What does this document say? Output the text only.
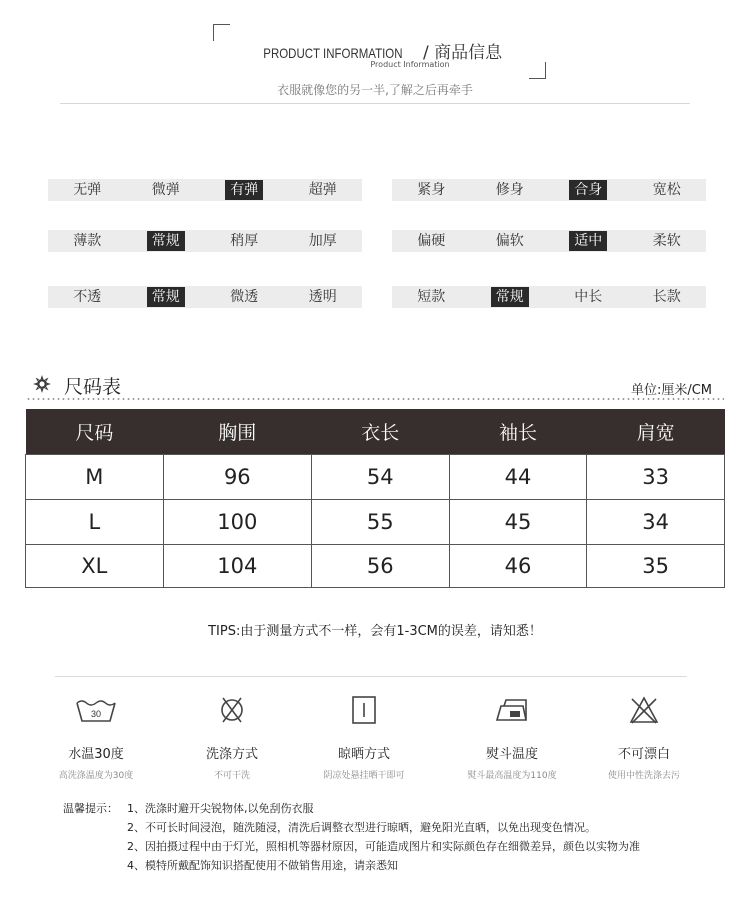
PRODUCT INFORMATION / 商品信息
Product Information
衣服就像您的另一半,了解之后再牵手
无弹	微弹	有弹	超弹
薄款	常规	稍厚	加厚
不透	常规	微透	透明
紧身	修身	合身	宽松
偏硬	偏软	适中	柔软
短款	常规	中长	长款
尺码表	单位:厘米/CM
尺码	胸围	衣长	袖长	肩宽
M	96	54	44	33
L	100	55	45	34
XL	104	56	46	35
TIPS:由于测量方式不一样，会有1-3CM的误差，请知悉！
30
水温30度
高洗涤温度为30度
洗涤方式
不可干洗
晾晒方式
阴凉处悬挂晒干即可
熨斗温度
熨斗最高温度为110度
不可漂白
使用中性洗涤去污
温馨提示： 1、洗涤时避开尖锐物体,以免刮伤衣服
2、不可长时间浸泡，随洗随浸，清洗后调整衣型进行晾晒，避免阳光直晒，以免出现变色情况。
2、因拍摄过程中由于灯光，照相机等器材原因，可能造成图片和实际颜色存在细微差异，颜色以实物为准
4、模特所戴配饰知识搭配使用不做销售用途，请亲悉知
